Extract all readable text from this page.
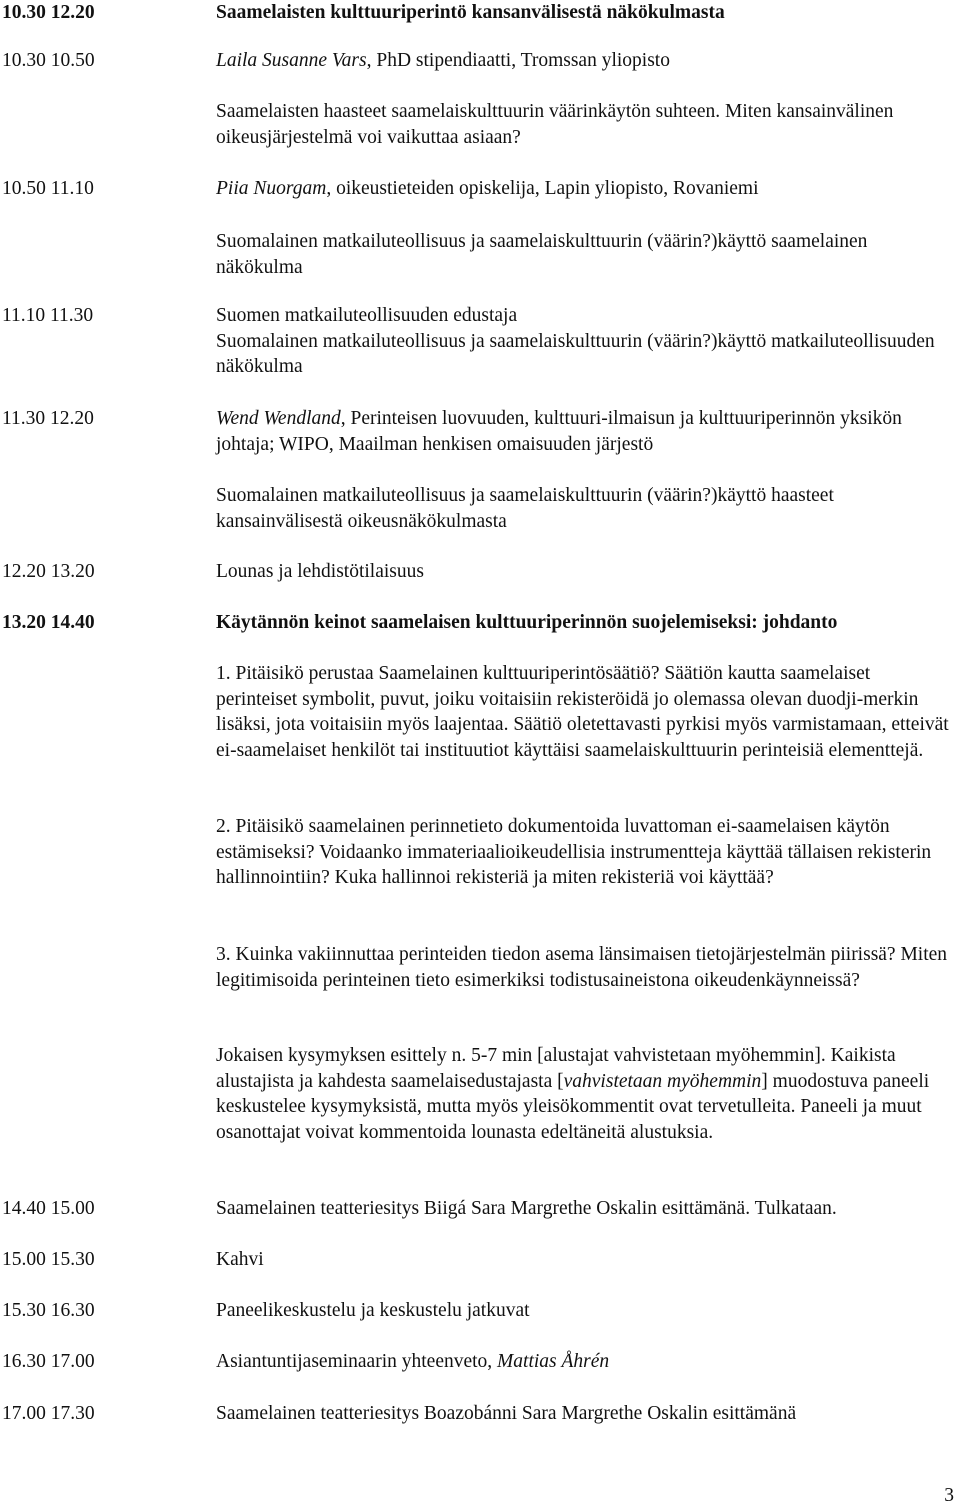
10.30 12.20	Saamelaisten kulttuuriperintö kansanvälisestä näkökulmasta
10.30 10.50	Laila Susanne Vars, PhD stipendiaatti, Tromssan yliopisto
Saamelaisten haasteet saamelaiskulttuurin väärinkäytön suhteen. Miten kansainvälinen oikeusjärjestelmä voi vaikuttaa asiaan?
10.50 11.10	Piia Nuorgam, oikeustieteiden opiskelija, Lapin yliopisto, Rovaniemi
Suomalainen matkailuteollisuus ja saamelaiskulttuurin (väärin?)käyttö saamelainen näkökulma
11.10 11.30	Suomen matkailuteollisuuden edustaja
Suomalainen matkailuteollisuus ja saamelaiskulttuurin (väärin?)käyttö matkailuteollisuuden näkökulma
11.30 12.20	Wend Wendland, Perinteisen luovuuden, kulttuuri-ilmaisun ja kulttuuriperinnön yksikön johtaja; WIPO, Maailman henkisen omaisuuden järjestö
Suomalainen matkailuteollisuus ja saamelaiskulttuurin (väärin?)käyttö haasteet kansainvälisestä oikeusnäkökulmasta
12.20 13.20	Lounas ja lehdistötilaisuus
13.20 14.40	Käytännön keinot saamelaisen kulttuuriperinnön suojelemiseksi: johdanto
1. Pitäisikö perustaa Saamelainen kulttuuriperintösäätiö? Säätiön kautta saamelaiset perinteiset symbolit, puvut, joiku voitaisiin rekisteröidä jo olemassa olevan duodji-merkin lisäksi, jota voitaisiin myös laajentaa. Säätiö oletettavasti pyrkisi myös varmistamaan, etteivät ei-saamelaiset henkilöt tai instituutiot käyttäisi saamelaiskulttuurin perinteisiä elementtejä.
2. Pitäisikö saamelainen perinnetieto dokumentoida luvattoman ei-saamelaisen käytön estämiseksi? Voidaanko immateriaalioikeudellisia instrumentteja käyttää tällaisen rekisterin hallinnointiin? Kuka hallinnoi rekisteriä ja miten rekisteriä voi käyttää?
3. Kuinka vakiinnuttaa perinteiden tiedon asema länsimaisen tietojärjestelmän piirissä? Miten legitimisoida perinteinen tieto esimerkiksi todistusaineistona oikeudenkäynneissä?
Jokaisen kysymyksen esittely n. 5-7 min [alustajat vahvistetaan myöhemmin]. Kaikista alustajista ja kahdesta saamelaisedustajasta [vahvistetaan myöhemmin] muodostuva paneeli keskustelee kysymyksistä, mutta myös yleisökommentit ovat tervetulleita. Paneeli ja muut osanottajat voivat kommentoida lounasta edeltäneitä alustuksia.
14.40 15.00	Saamelainen teatteriesitys Biigá Sara Margrethe Oskalin esittämänä. Tulkataan.
15.00 15.30	Kahvi
15.30 16.30	Paneelikeskustelu ja keskustelu jatkuvat
16.30 17.00	Asiantuntijaseminaarin yhteenveto, Mattias Åhrén
17.00 17.30	Saamelainen teatteriesitys Boazobánni Sara Margrethe Oskalin esittämänä
3
